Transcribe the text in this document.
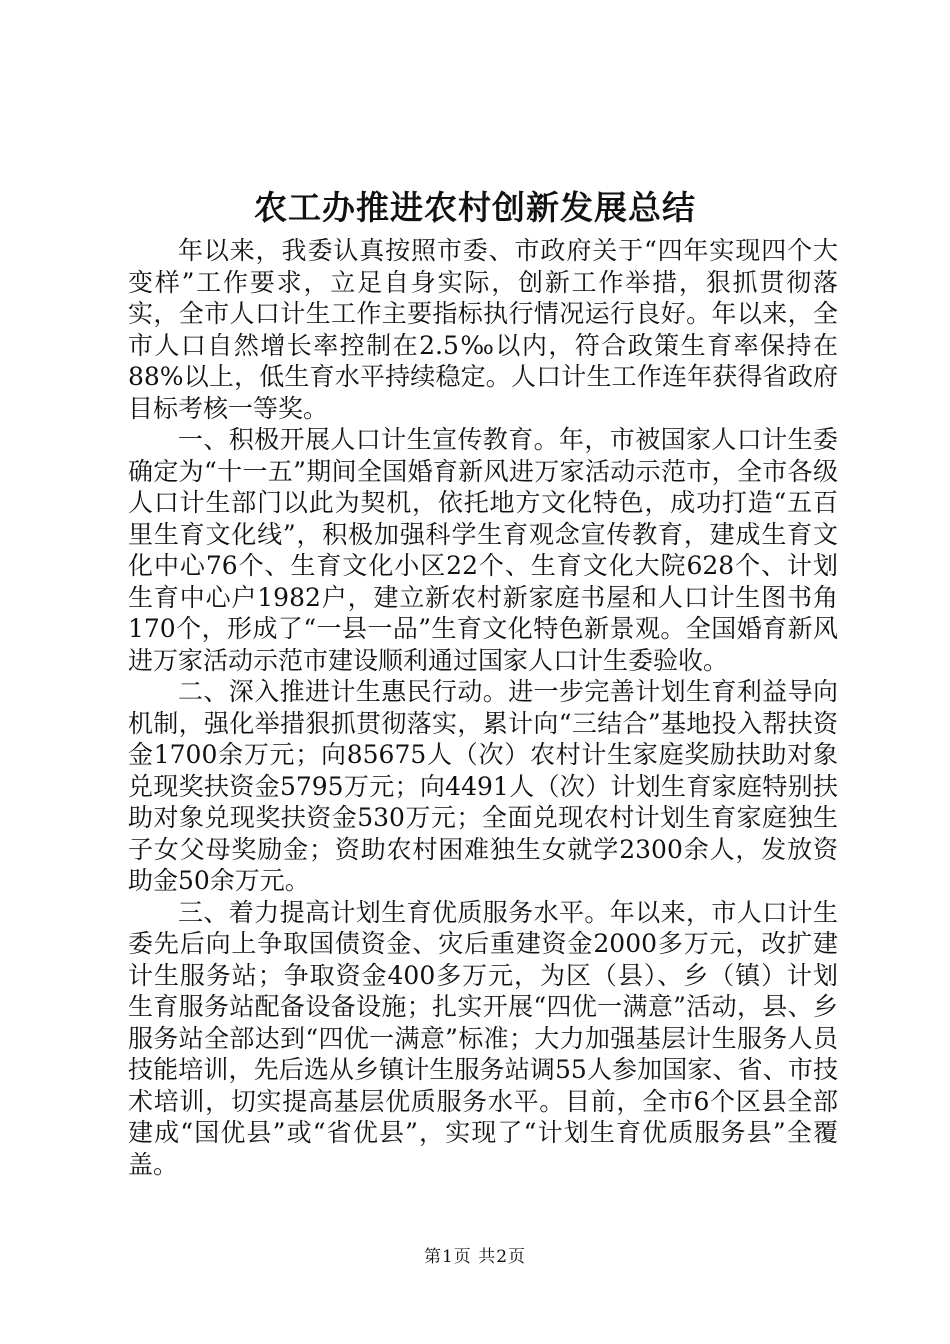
农工办推进农村创新发展总结

年以来，我委认真按照市委、市政府关于“四年实现四个大变样”工作要求，立足自身实际，创新工作举措，狠抓贯彻落实，全市人口计生工作主要指标执行情况运行良好。年以来，全市人口自然增长率控制在2.5‰以内，符合政策生育率保持在88%以上，低生育水平持续稳定。人口计生工作连年获得省政府目标考核一等奖。

一、积极开展人口计生宣传教育。年，市被国家人口计生委确定为“十一五”期间全国婚育新风进万家活动示范市，全市各级人口计生部门以此为契机，依托地方文化特色，成功打造“五百里生育文化线”，积极加强科学生育观念宣传教育，建成生育文化中心76个、生育文化小区22个、生育文化大院628个、计划生育中心户1982户，建立新农村新家庭书屋和人口计生图书角170个，形成了“一县一品”生育文化特色新景观。全国婚育新风进万家活动示范市建设顺利通过国家人口计生委验收。

二、深入推进计生惠民行动。进一步完善计划生育利益导向机制，强化举措狠抓贯彻落实，累计向“三结合”基地投入帮扶资金1700余万元；向85675人（次）农村计生家庭奖励扶助对象兑现奖扶资金5795万元；向4491人（次）计划生育家庭特别扶助对象兑现奖扶资金530万元；全面兑现农村计划生育家庭独生子女父母奖励金；资助农村困难独生女就学2300余人，发放资助金50余万元。

三、着力提高计划生育优质服务水平。年以来，市人口计生委先后向上争取国债资金、灾后重建资金2000多万元，改扩建计生服务站；争取资金400多万元，为区（县）、乡（镇）计划生育服务站配备设备设施；扎实开展“四优一满意”活动，县、乡服务站全部达到“四优一满意”标准；大力加强基层计生服务人员技能培训，先后选从乡镇计生服务站调55人参加国家、省、市技术培训，切实提高基层优质服务水平。目前，全市6个区县全部建成“国优县”或“省优县”，实现了“计划生育优质服务县”全覆盖。

第1页 共2页
